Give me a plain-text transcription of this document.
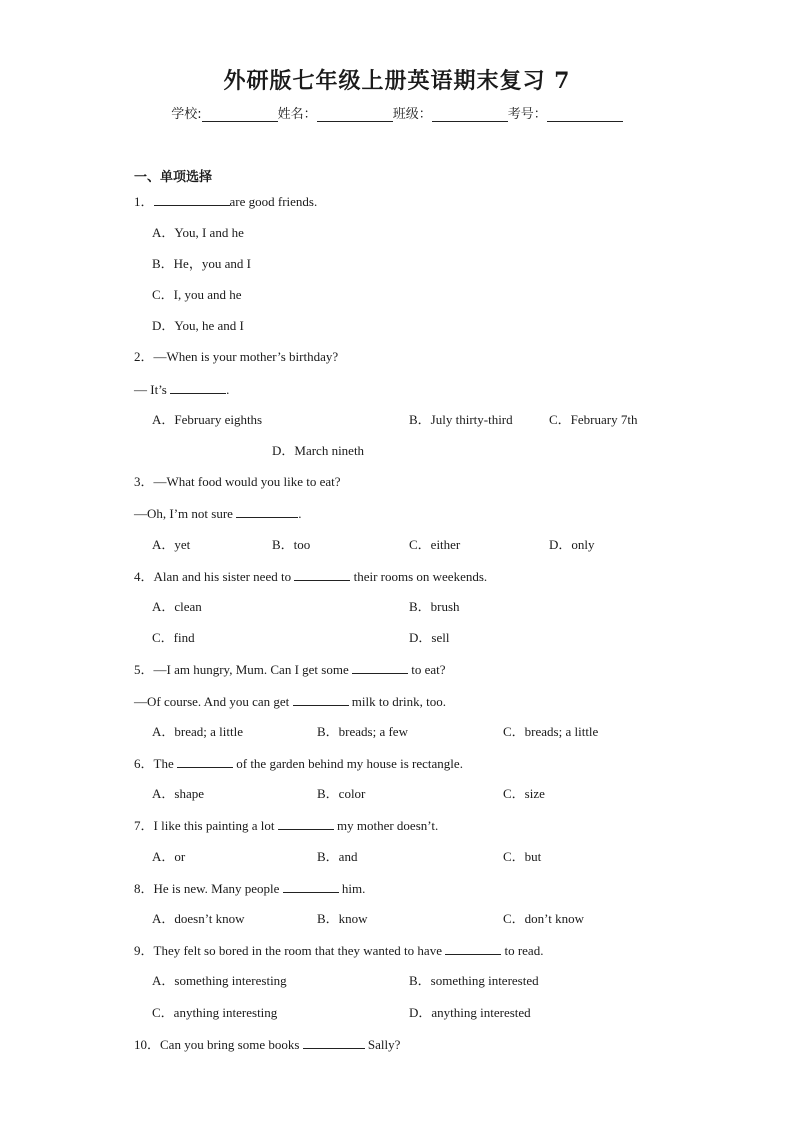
外研版七年级上册英语期末复习 7
学校:	姓名：	班级：	考号：
一、单项选择
1．	are good friends.
A．You, I and he
B．He，you and I
C．I, you and he
D．You, he and I
2．—When is your mother’s birthday?
— It’s	.
A．February eighths	B．July thirty-third	C．February 7th
D．March nineth
3．—What food would you like to eat?
—Oh, I’m not sure	.
A．yet	B．too	C．either	D．only
4．Alan and his sister need to	their rooms on weekends.
A．clean	B．brush
C．find	D．sell
5．—I am hungry, Mum. Can I get some	to eat?
—Of course. And you can get	milk to drink, too.
A．bread; a little	B．breads; a few	C．breads; a little
6．The	of the garden behind my house is rectangle.
A．shape	B．color	C．size
7．I like this painting a lot	my mother doesn’t.
A．or	B．and	C．but
8．He is new. Many people	him.
A．doesn’t know	B．know	C．don’t know
9．They felt so bored in the room that they wanted to have	to read.
A．something interesting	B．something interested
C．anything interesting	D．anything interested
10．Can you bring some books	Sally?
